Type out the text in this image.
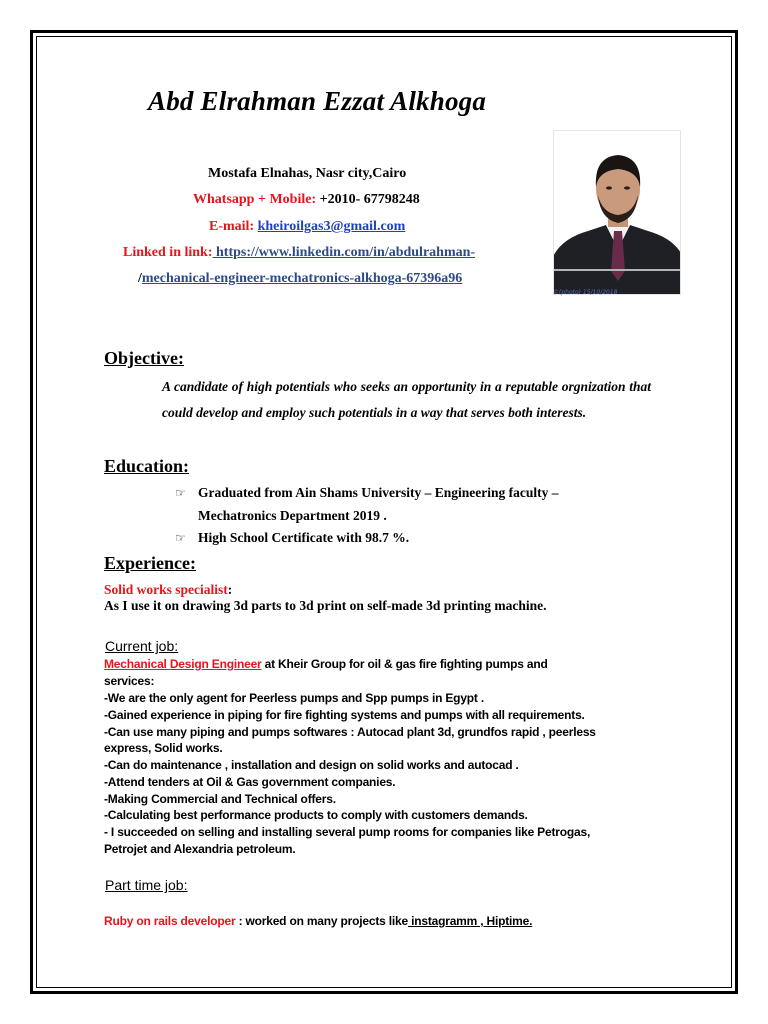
Abd Elrahman Ezzat Alkhoga
Mostafa Elnahas, Nasr city,Cairo
Whatsapp + Mobile: +2010- 67798248
E-mail: kheiroilgas3@gmail.com
Linked in link: https://www.linkedin.com/in/abdulrahman-
/mechanical-engineer-mechatronics-alkhoga-67396a96
©(photo) 15/10/2018
Objective:
A candidate of high potentials who seeks an opportunity in a reputable orgnization that could develop and employ such potentials in a way that serves both interests.
Education:
☞ Graduated from Ain Shams University – Engineering faculty –
Mechatronics Department 2019 .
☞ High School Certificate with 98.7 %.
Experience:
Solid works specialist:
As I use it on drawing 3d parts to 3d print on self-made 3d printing machine.
Current job:
Mechanical Design Engineer at Kheir Group for oil & gas fire fighting pumps and
services:
-We are the only agent for Peerless pumps and Spp pumps in Egypt .
-Gained experience in piping for fire fighting systems and pumps with all requirements.
-Can use many piping and pumps softwares : Autocad plant 3d, grundfos rapid , peerless
express, Solid works.
-Can do maintenance , installation and design on solid works and autocad .
-Attend tenders at Oil & Gas government companies.
-Making Commercial and Technical offers.
-Calculating best performance products to comply with customers demands.
- I succeeded on selling and installing several pump rooms for companies like Petrogas,
Petrojet and Alexandria petroleum.
Part time job:
Ruby on rails developer : worked on many projects like instagramm , Hiptime.
